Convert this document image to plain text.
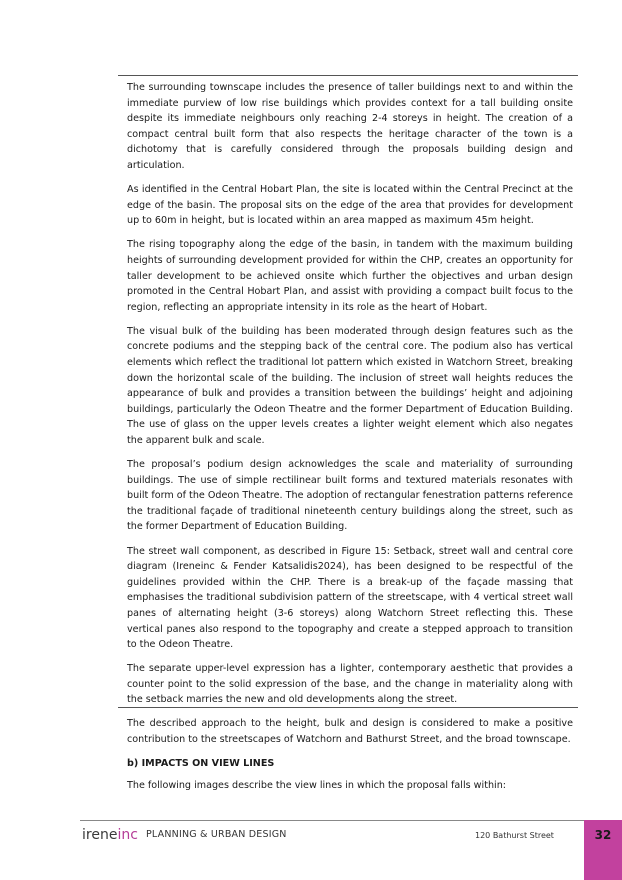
The surrounding townscape includes the presence of taller buildings next to and within the immediate purview of low rise buildings which provides context for a tall building onsite despite its immediate neighbours only reaching 2-4 storeys in height. The creation of a compact central built form that also respects the heritage character of the town is a dichotomy that is carefully considered through the proposals building design and articulation.

As identified in the Central Hobart Plan, the site is located within the Central Precinct at the edge of the basin. The proposal sits on the edge of the area that provides for development up to 60m in height, but is located within an area mapped as maximum 45m height.

The rising topography along the edge of the basin, in tandem with the maximum building heights of surrounding development provided for within the CHP, creates an opportunity for taller development to be achieved onsite which further the objectives and urban design promoted in the Central Hobart Plan, and assist with providing a compact built focus to the region, reflecting an appropriate intensity in its role as the heart of Hobart.

The visual bulk of the building has been moderated through design features such as the concrete podiums and the stepping back of the central core. The podium also has vertical elements which reflect the traditional lot pattern which existed in Watchorn Street, breaking down the horizontal scale of the building. The inclusion of street wall heights reduces the appearance of bulk and provides a transition between the buildings’ height and adjoining buildings, particularly the Odeon Theatre and the former Department of Education Building. The use of glass on the upper levels creates a lighter weight element which also negates the apparent bulk and scale.

The proposal’s podium design acknowledges the scale and materiality of surrounding buildings. The use of simple rectilinear built forms and textured materials resonates with built form of the Odeon Theatre. The adoption of rectangular fenestration patterns reference the traditional façade of traditional nineteenth century buildings along the street, such as the former Department of Education Building.

The street wall component, as described in Figure 15: Setback, street wall and central core diagram (Ireneinc & Fender Katsalidis2024), has been designed to be respectful of the guidelines provided within the CHP. There is a break-up of the façade massing that emphasises the traditional subdivision pattern of the streetscape, with 4 vertical street wall panes of alternating height (3-6 storeys) along Watchorn Street reflecting this. These vertical panes also respond to the topography and create a stepped approach to transition to the Odeon Theatre.

The separate upper-level expression has a lighter, contemporary aesthetic that provides a counter point to the solid expression of the base, and the change in materiality along with the setback marries the new and old developments along the street.

The described approach to the height, bulk and design is considered to make a positive contribution to the streetscapes of Watchorn and Bathurst Street, and the broad townscape.

b) IMPACTS ON VIEW LINES

The following images describe the view lines in which the proposal falls within:

ireneinc PLANNING & URBAN DESIGN	120 Bathurst Street	32
